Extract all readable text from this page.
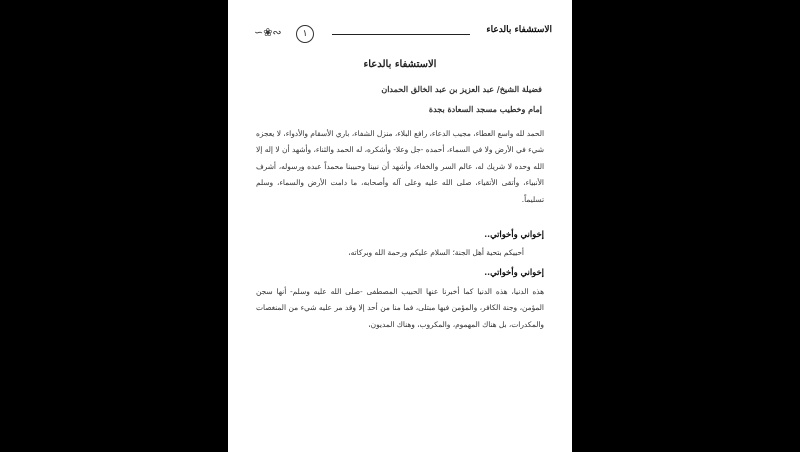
الاستشفاء بالدعاء
١
∽❀∾
الاستشفاء بالدعاء
فضيلة الشيخ/ عبد العزيز بن عبد الخالق الحمدان
إمام وخطيب مسجد السعادة بجدة
الحمد لله واسع العطاء، مجيب الدعاء، رافع البلاء، منزل الشفاء، باري الأسقام والأدواء، لا يعجزه شيء في الأرض ولا في السماء، أحمده -جل وعلا- وأشكره، له الحمد والثناء، وأشهد أن لا إله إلا الله وحده لا شريك له، عالم السر والخفاء، وأشهد أن نبينا وحبيبنا محمداً عبده ورسوله، أشرف الأنبياء، وأتقى الأتقياء، صلى الله عليه وعلى آله وأصحابه، ما دامت الأرض والسماء، وسلم تسليماً.
إخواني وأخواتي..
أحييكم بتحية أهل الجنة؛ السلام عليكم ورحمة الله وبركاته،
إخواني وأخواتي..
هذه الدنيا، هذه الدنيا كما أخبرنا عنها الحبيب المصطفى -صلى الله عليه وسلم- أنها سجن المؤمن، وجنة الكافر، والمؤمن فيها مبتلى، فما منا من أحد إلا وقد مر عليه شيء من المنغصات والمكدرات، بل هناك المهموم، والمكروب، وهناك المديون،
